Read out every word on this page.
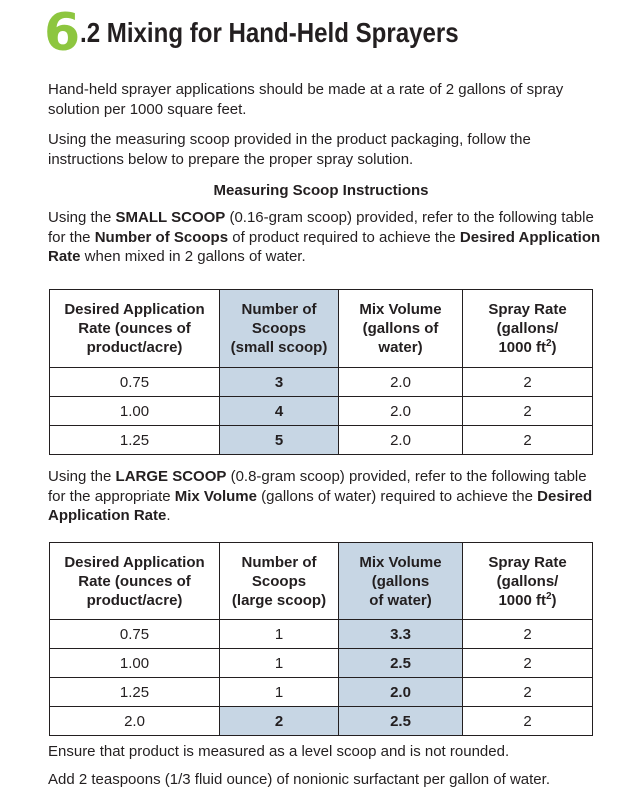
6.2 Mixing for Hand-Held Sprayers
Hand-held sprayer applications should be made at a rate of 2 gallons of spray solution per 1000 square feet.
Using the measuring scoop provided in the product packaging, follow the instructions below to prepare the proper spray solution.
Measuring Scoop Instructions
Using the SMALL SCOOP (0.16-gram scoop) provided, refer to the following table for the Number of Scoops of product required to achieve the Desired Application Rate when mixed in 2 gallons of water.
Desired Application
Rate (ounces of
product/acre)	Number of
Scoops
(small scoop)	Mix Volume
(gallons of
water)	Spray Rate
(gallons/
1000 $ft^2$)
0.75	3	2.0	2
1.00	4	2.0	2
1.25	5	2.0	2
Using the LARGE SCOOP (0.8-gram scoop) provided, refer to the following table for the appropriate Mix Volume (gallons of water) required to achieve the Desired Application Rate.
Desired Application
Rate (ounces of
product/acre)	Number of
Scoops
(large scoop)	Mix Volume
(gallons
of water)	Spray Rate
(gallons/
1000 $ft^2$)
0.75	1	3.3	2
1.00	1	2.5	2
1.25	1	2.0	2
2.0	2	2.5	2
Ensure that product is measured as a level scoop and is not rounded.
Add 2 teaspoons (1/3 fluid ounce) of nonionic surfactant per gallon of water.
